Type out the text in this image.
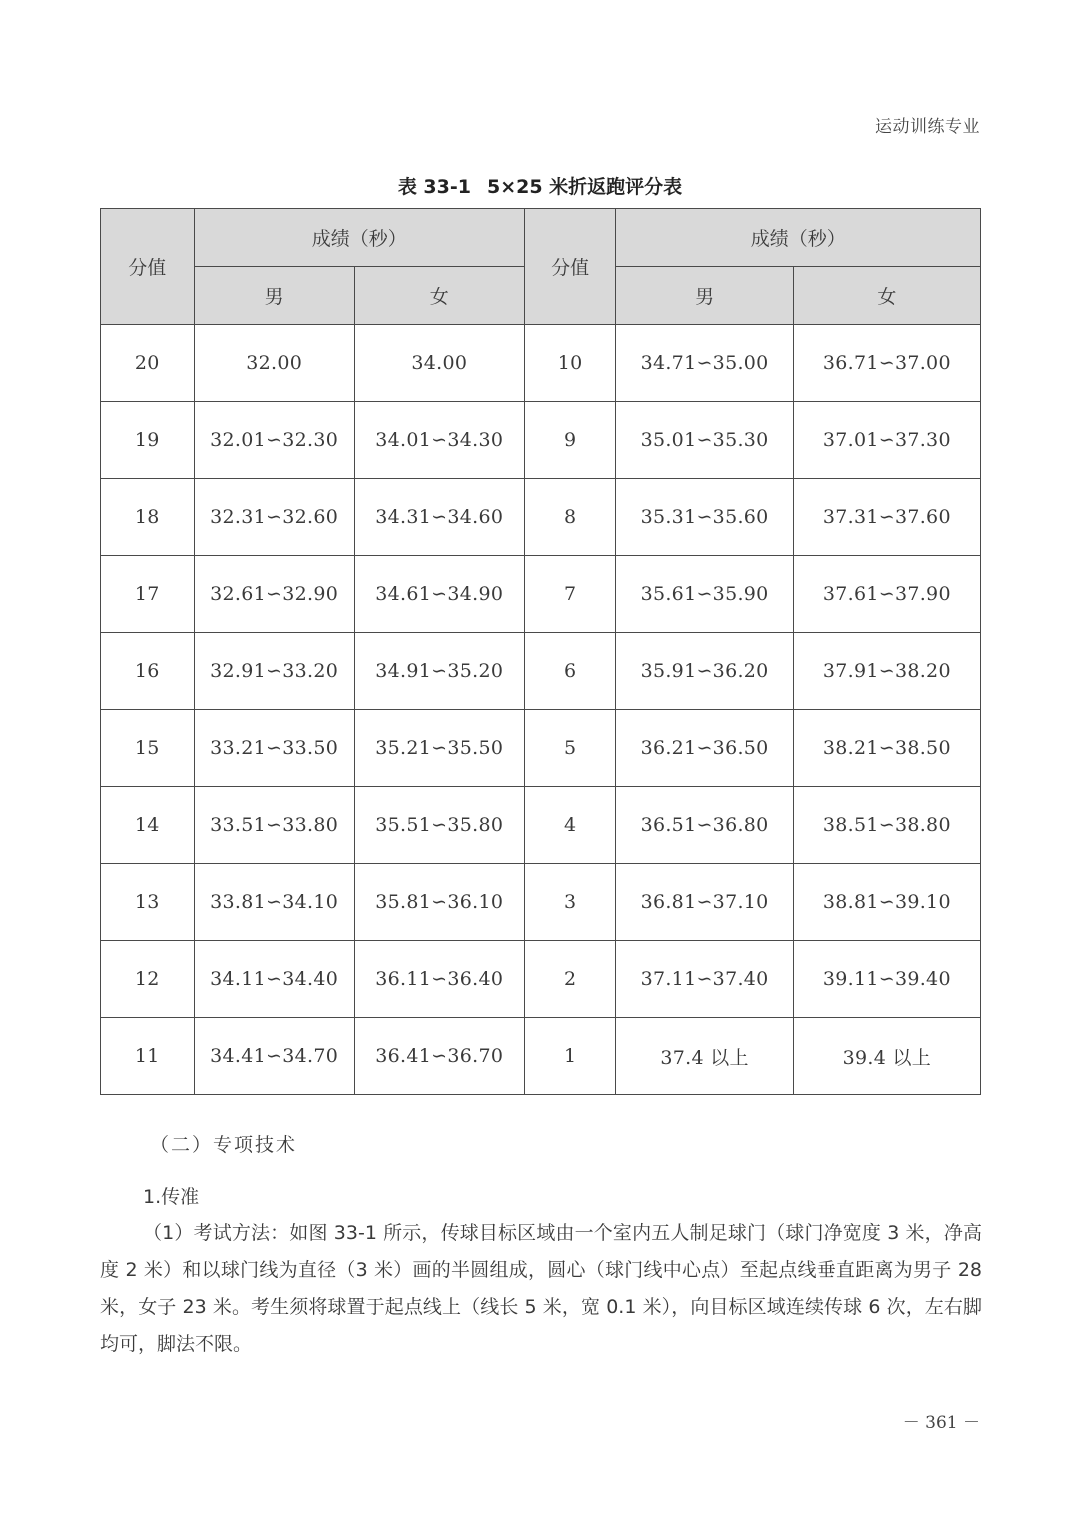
运动训练专业
表 33-1 5×25 米折返跑评分表
分值	成绩（秒）		分值	成绩（秒）	
	男	女		男	女
20	32.00	34.00	10	34.71∽35.00	36.71∽37.00
19	32.01∽32.30	34.01∽34.30	9	35.01∽35.30	37.01∽37.30
18	32.31∽32.60	34.31∽34.60	8	35.31∽35.60	37.31∽37.60
17	32.61∽32.90	34.61∽34.90	7	35.61∽35.90	37.61∽37.90
16	32.91∽33.20	34.91∽35.20	6	35.91∽36.20	37.91∽38.20
15	33.21∽33.50	35.21∽35.50	5	36.21∽36.50	38.21∽38.50
14	33.51∽33.80	35.51∽35.80	4	36.51∽36.80	38.51∽38.80
13	33.81∽34.10	35.81∽36.10	3	36.81∽37.10	38.81∽39.10
12	34.11∽34.40	36.11∽36.40	2	37.11∽37.40	39.11∽39.40
11	34.41∽34.70	36.41∽36.70	1	37.4 以上	39.4 以上
（二）专项技术
1.传准
（1）考试方法：如图 33-1 所示，传球目标区域由一个室内五人制足球门（球门净宽度 3 米，净高度 2 米）和以球门线为直径（3 米）画的半圆组成，圆心（球门线中心点）至起点线垂直距离为男子 28 米，女子 23 米。考生须将球置于起点线上（线长 5 米，宽 0.1 米），向目标区域连续传球 6 次，左右脚均可，脚法不限。
－ 361 －
